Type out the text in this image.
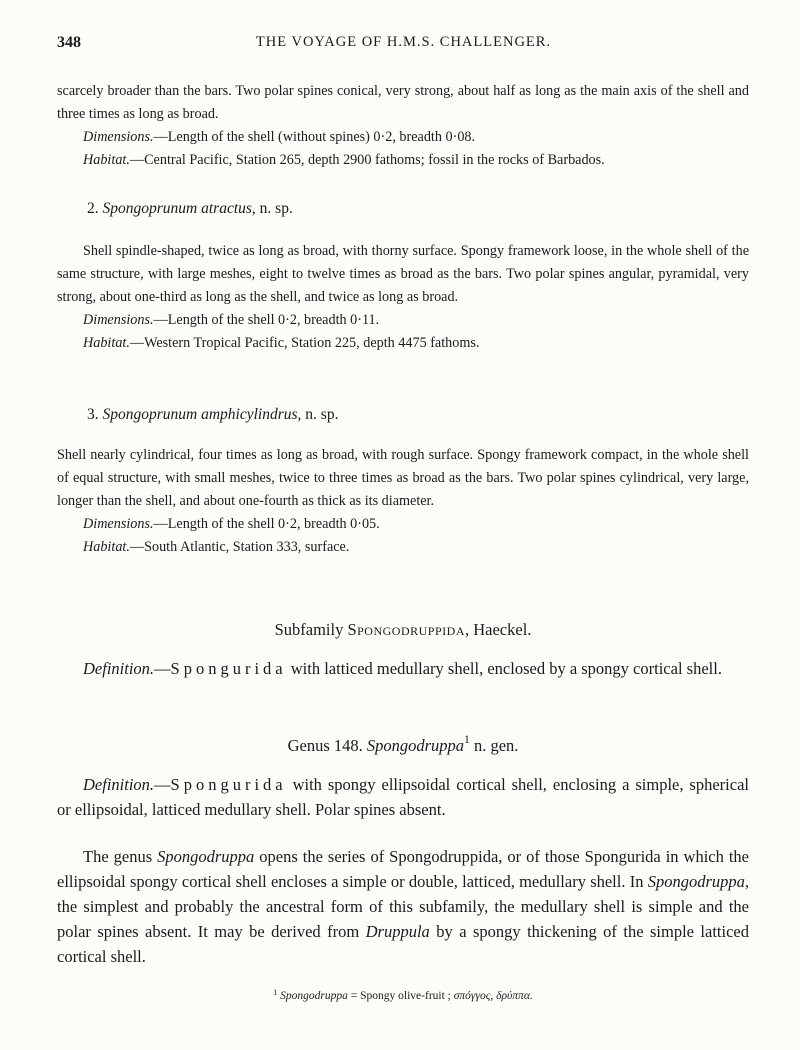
348	THE VOYAGE OF H.M.S. CHALLENGER.
scarcely broader than the bars. Two polar spines conical, very strong, about half as long as the main axis of the shell and three times as long as broad.
Dimensions.—Length of the shell (without spines) 0·2, breadth 0·08.
Habitat.—Central Pacific, Station 265, depth 2900 fathoms; fossil in the rocks of Barbados.
2. Spongoprunum atractus, n. sp.
Shell spindle-shaped, twice as long as broad, with thorny surface. Spongy framework loose, in the whole shell of the same structure, with large meshes, eight to twelve times as broad as the bars. Two polar spines angular, pyramidal, very strong, about one-third as long as the shell, and twice as long as broad.
Dimensions.—Length of the shell 0·2, breadth 0·11.
Habitat.—Western Tropical Pacific, Station 225, depth 4475 fathoms.
3. Spongoprunum amphicylindrus, n. sp.
Shell nearly cylindrical, four times as long as broad, with rough surface. Spongy framework compact, in the whole shell of equal structure, with small meshes, twice to three times as broad as the bars. Two polar spines cylindrical, very large, longer than the shell, and about one-fourth as thick as its diameter.
Dimensions.—Length of the shell 0·2, breadth 0·05.
Habitat.—South Atlantic, Station 333, surface.
Subfamily Spongodruppida, Haeckel.
Definition.—Spongurida with latticed medullary shell, enclosed by a spongy cortical shell.
Genus 148. Spongodruppa$^1$ n. gen.
Definition.—Spongurida with spongy ellipsoidal cortical shell, enclosing a simple, spherical or ellipsoidal, latticed medullary shell. Polar spines absent.
The genus Spongodruppa opens the series of Spongodruppida, or of those Spongurida in which the ellipsoidal spongy cortical shell encloses a simple or double, latticed, medullary shell. In Spongodruppa, the simplest and probably the ancestral form of this subfamily, the medullary shell is simple and the polar spines absent. It may be derived from Druppula by a spongy thickening of the simple latticed cortical shell.
$^1$ Spongodruppa = Spongy olive-fruit ; σπόγγος, δρύππα.
